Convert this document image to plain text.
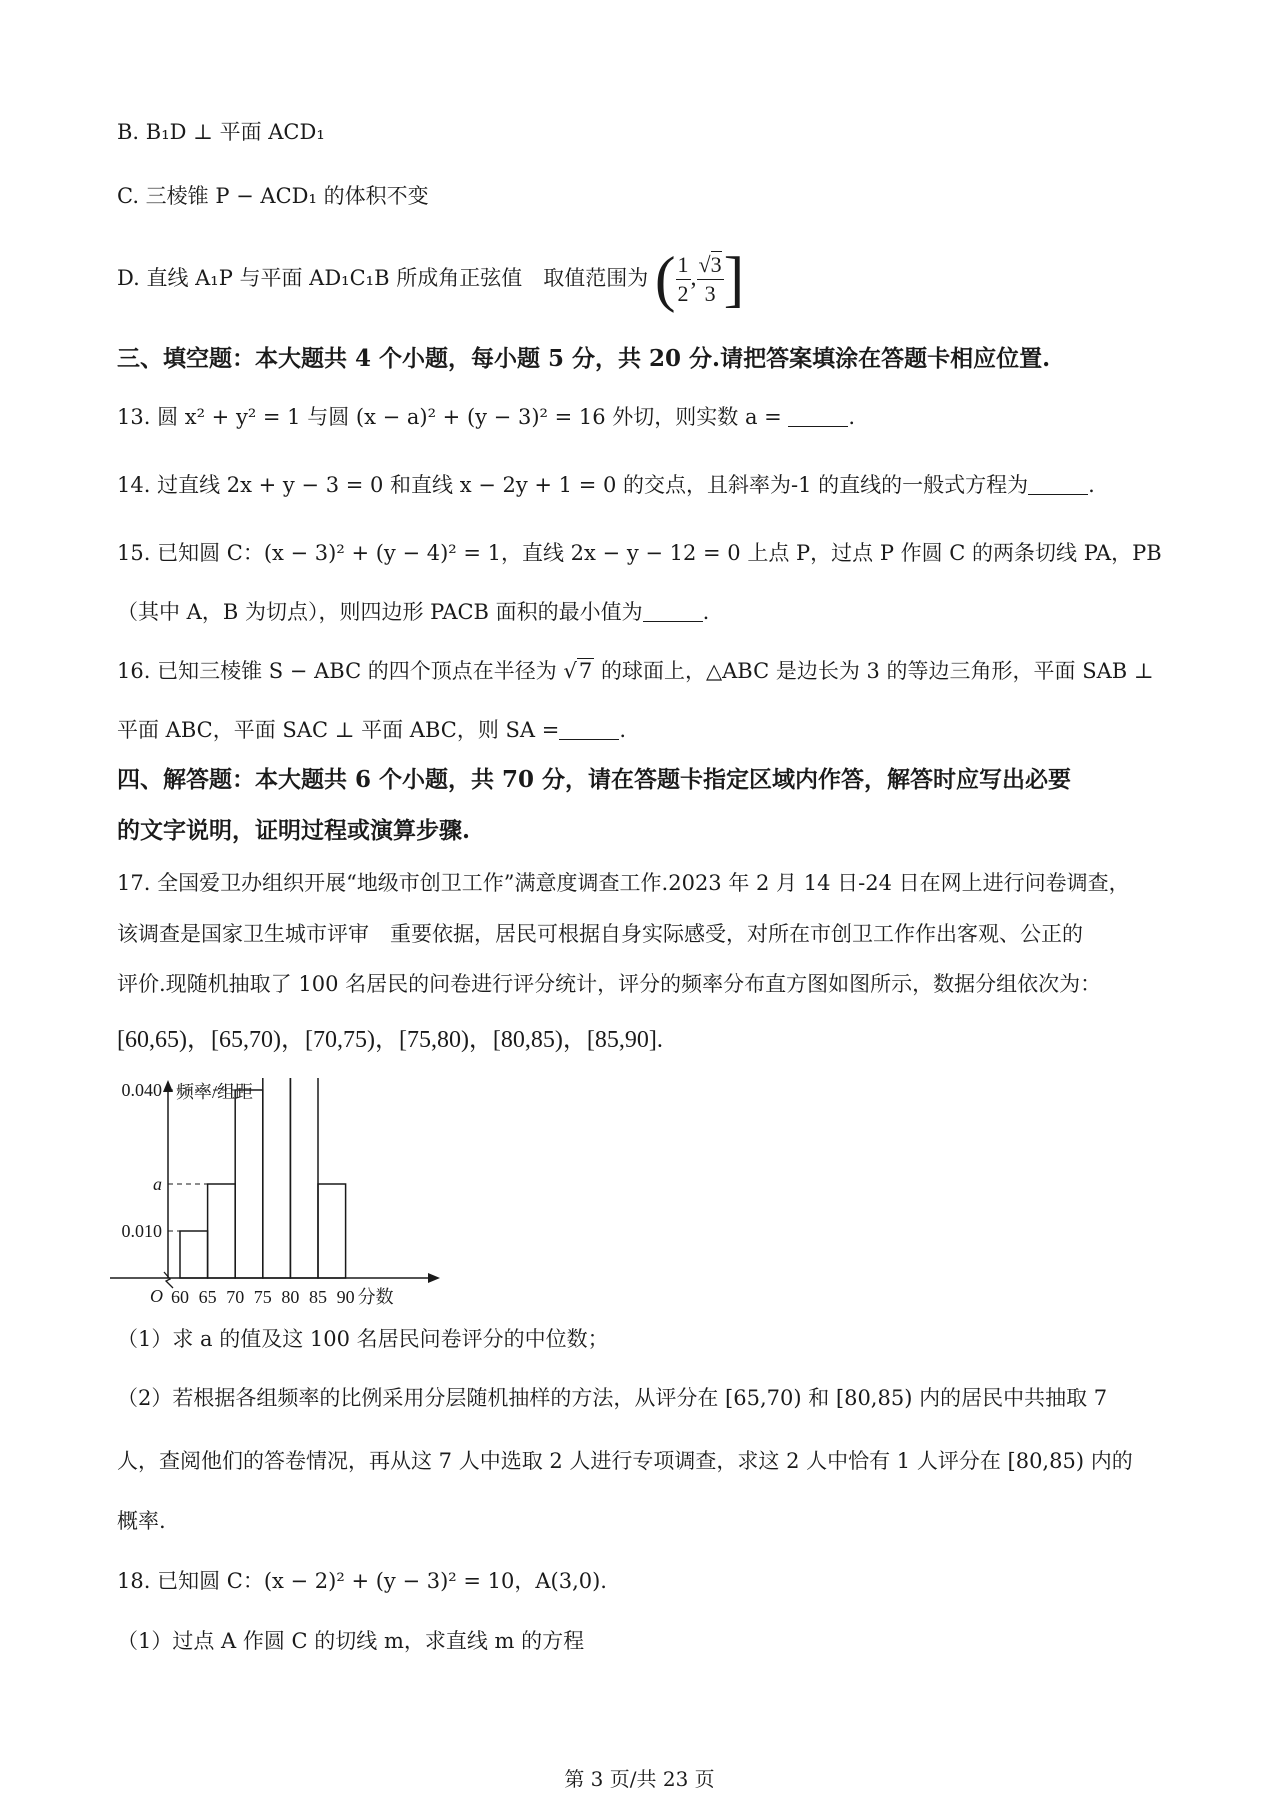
B. B₁D ⊥ 平面 ACD₁
C. 三棱锥 P − ACD₁ 的体积不变
D. 直线 A₁P 与平面 AD₁C₁B 所成角正弦值　取值范围为 ( $\frac{1}{2}$ , $\frac{√3}{3}$ ]
三、填空题：本大题共 4 个小题，每小题 5 分，共 20 分.请把答案填涂在答题卡相应位置.
13. 圆 x² + y² = 1 与圆 (x − a)² + (y − 3)² = 16 外切，则实数 a =	.
14. 过直线 2x + y − 3 = 0 和直线 x − 2y + 1 = 0 的交点，且斜率为-1 的直线的一般式方程为	.
15. 已知圆 C：(x − 3)² + (y − 4)² = 1，直线 2x − y − 12 = 0 上点 P，过点 P 作圆 C 的两条切线 PA，PB
（其中 A，B 为切点），则四边形 PACB 面积的最小值为	.
16. 已知三棱锥 S − ABC 的四个顶点在半径为 √7 的球面上，△ABC 是边长为 3 的等边三角形，平面 SAB ⊥
平面 ABC，平面 SAC ⊥ 平面 ABC，则 SA =	.
四、解答题：本大题共 6 个小题，共 70 分，请在答题卡指定区域内作答，解答时应写出必要
的文字说明，证明过程或演算步骤.
17. 全国爱卫办组织开展“地级市创卫工作”满意度调查工作.2023 年 2 月 14 日-24 日在网上进行问卷调查，
该调查是国家卫生城市评审　重要依据，居民可根据自身实际感受，对所在市创卫工作作出客观、公正的
评价.现随机抽取了 100 名居民的问卷进行评分统计，评分的频率分布直方图如图所示，数据分组依次为：
[60,65)，[65,70)，[70,75)，[75,80)，[80,85)，[85,90].
0.040
a
0.010
60 65 70 75 80 85 90 分数
频率/组距
O
（1）求 a 的值及这 100 名居民问卷评分的中位数；
（2）若根据各组频率的比例采用分层随机抽样的方法，从评分在 [65,70) 和 [80,85) 内的居民中共抽取 7
人，查阅他们的答卷情况，再从这 7 人中选取 2 人进行专项调查，求这 2 人中恰有 1 人评分在 [80,85) 内的
概率.
18. 已知圆 C：(x − 2)² + (y − 3)² = 10，A(3,0).
（1）过点 A 作圆 C 的切线 m，求直线 m 的方程
第 3 页/共 23 页
